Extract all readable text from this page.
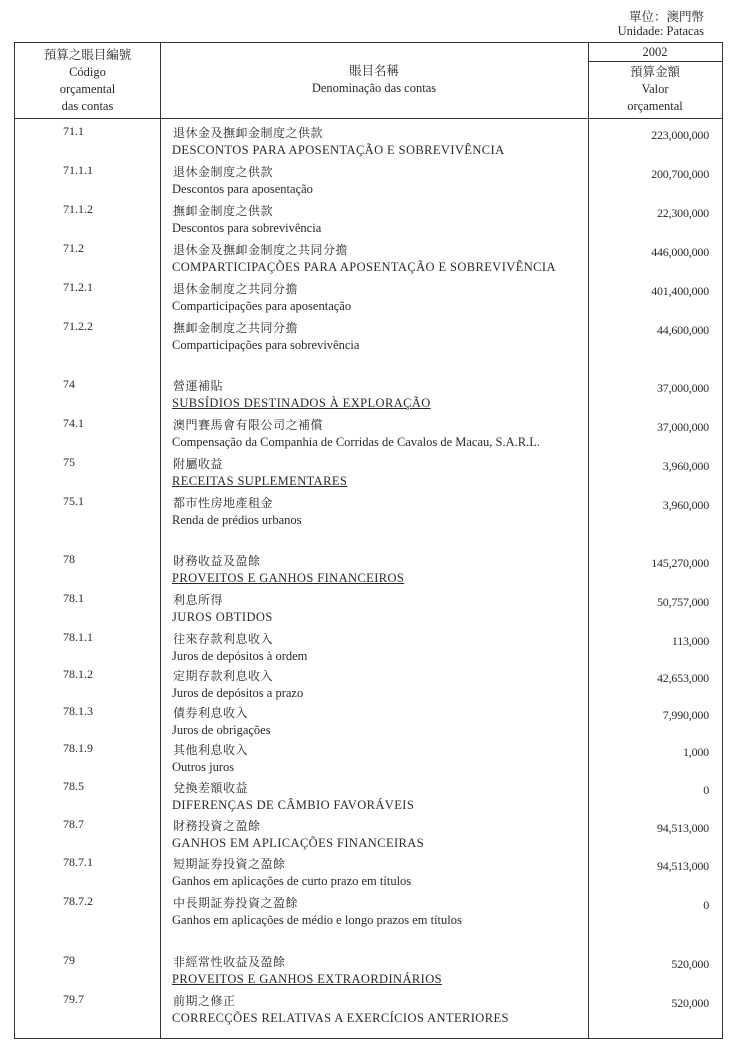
單位：澳門幣
Unidade: Patacas
預算之賬目編號
Código
orçamental
das contas
賬目名稱
Denominação das contas
2002
預算金額
Valor
orçamental
71.1	退休金及撫卹金制度之供款	223,000,000
DESCONTOS PARA APOSENTAÇÃO E SOBREVIVÊNCIA
71.1.1	退休金制度之供款	200,700,000
Descontos para aposentação
71.1.2	撫卹金制度之供款	22,300,000
Descontos para sobrevivência
71.2	退休金及撫卹金制度之共同分擔	446,000,000
COMPARTICIPAÇÕES PARA APOSENTAÇÃO E SOBREVIVÊNCIA
71.2.1	退休金制度之共同分擔	401,400,000
Comparticipações para aposentação
71.2.2	撫卹金制度之共同分擔	44,600,000
Comparticipações para sobrevivência
74	營運補貼	37,000,000
SUBSÍDIOS DESTINADOS À EXPLORAÇÃO
74.1	澳門賽馬會有限公司之補償	37,000,000
Compensação da Companhia de Corridas de Cavalos de Macau, S.A.R.L.
75	附屬收益	3,960,000
RECEITAS SUPLEMENTARES
75.1	都市性房地產租金	3,960,000
Renda de prédios urbanos
78	財務收益及盈餘	145,270,000
PROVEITOS E GANHOS FINANCEIROS
78.1	利息所得	50,757,000
JUROS OBTIDOS
78.1.1	往來存款利息收入	113,000
Juros de depósitos à ordem
78.1.2	定期存款利息收入	42,653,000
Juros de depósitos a prazo
78.1.3	債券利息收入	7,990,000
Juros de obrigações
78.1.9	其他利息收入	1,000
Outros juros
78.5	兌換差額收益	0
DIFERENÇAS DE CÂMBIO FAVORÁVEIS
78.7	財務投資之盈餘	94,513,000
GANHOS EM APLICAÇÕES FINANCEIRAS
78.7.1	短期証券投資之盈餘	94,513,000
Ganhos em aplicações de curto prazo em títulos
78.7.2	中長期証券投資之盈餘	0
Ganhos em aplicações de médio e longo prazos em títulos
79	非經常性收益及盈餘	520,000
PROVEITOS E GANHOS EXTRAORDINÁRIOS
79.7	前期之修正	520,000
CORRECÇÕES RELATIVAS A EXERCÍCIOS ANTERIORES
